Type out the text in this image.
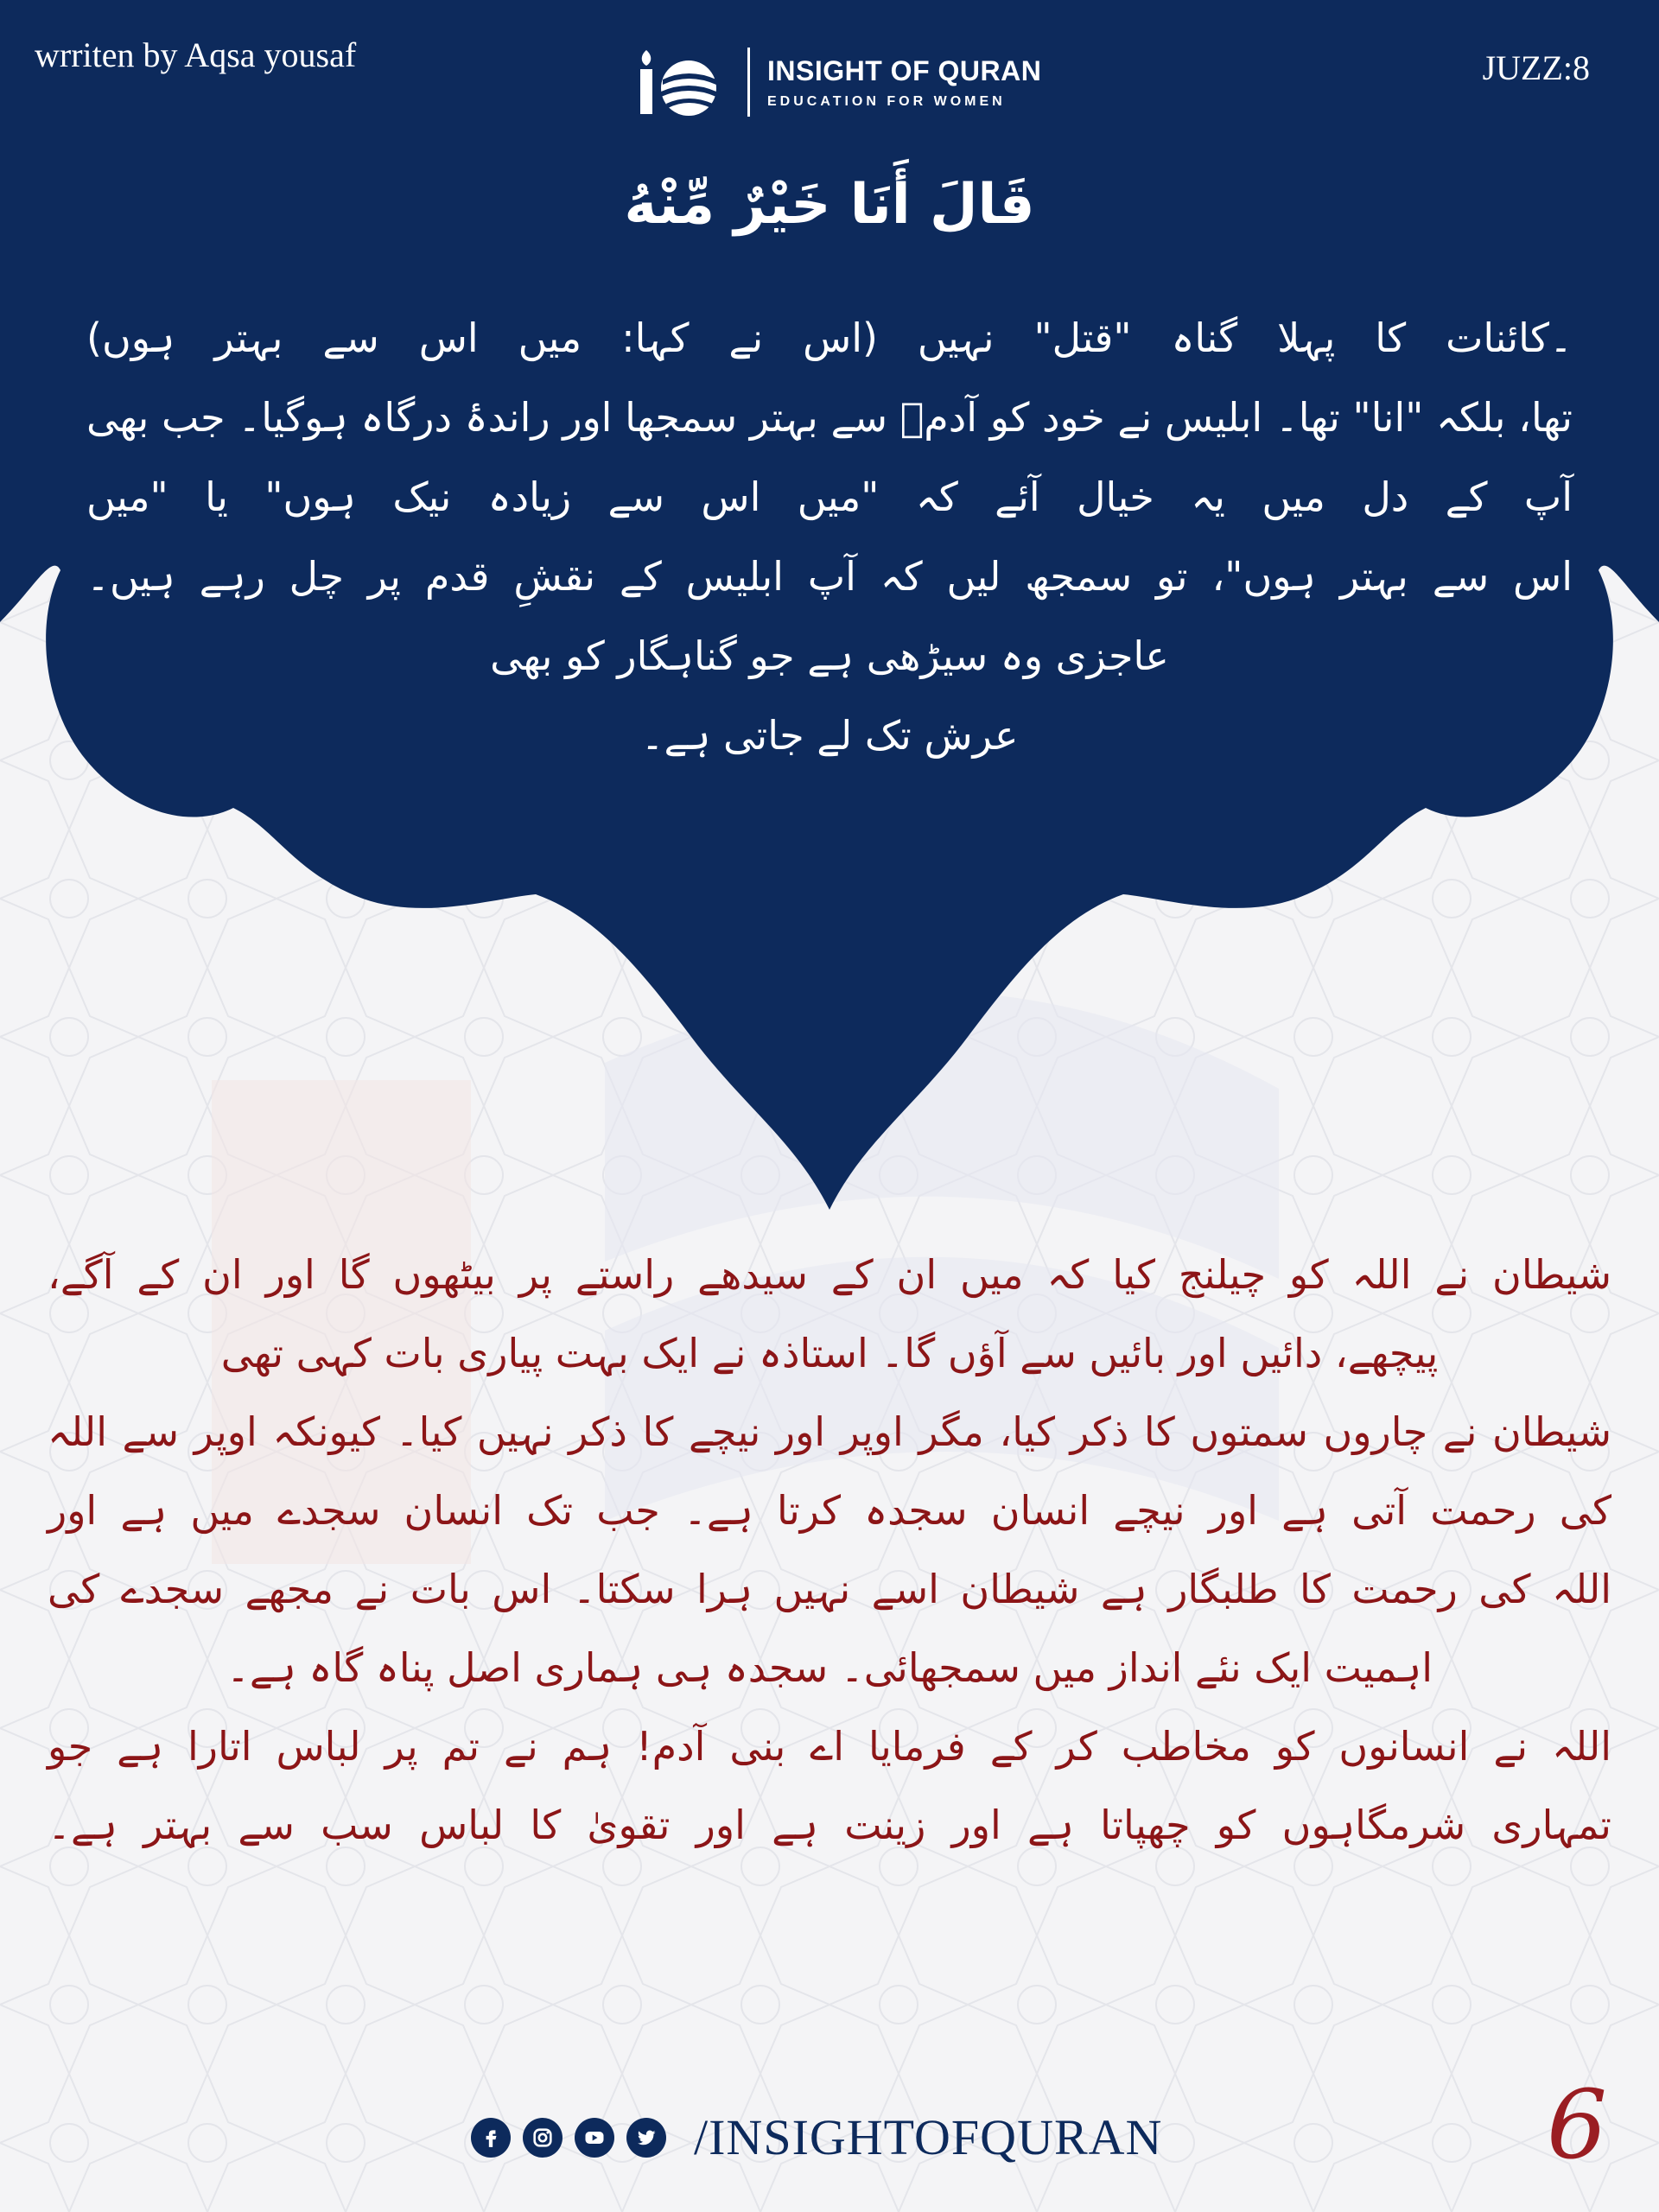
wrriten by Aqsa yousaf	JUZZ:8
INSIGHT OF QURAN
EDUCATION FOR WOMEN
قَالَ أَنَا خَيْرٌ مِّنْهُ
۔کائنات کا پہلا گناہ "قتل" نہیں (اس نے کہا: میں اس سے بہتر ہوں)
تھا، بلکہ "انا" تھا۔ ابلیس نے خود کو آدمؑ سے بہتر سمجھا اور راندۂ درگاہ ہوگیا۔ جب بھی
آپ کے دل میں یہ خیال آئے کہ "میں اس سے زیادہ نیک ہوں" یا "میں
اس سے بہتر ہوں"، تو سمجھ لیں کہ آپ ابلیس کے نقشِ قدم پر چل رہے ہیں۔
عاجزی وہ سیڑھی ہے جو گناہگار کو بھی
عرش تک لے جاتی ہے۔
شیطان نے اللہ کو چیلنج کیا کہ میں ان کے سیدھے راستے پر بیٹھوں گا اور ان کے آگے،
پیچھے، دائیں اور بائیں سے آؤں گا۔ استاذہ نے ایک بہت پیاری بات کہی تھی
شیطان نے چاروں سمتوں کا ذکر کیا، مگر اوپر اور نیچے کا ذکر نہیں کیا۔ کیونکہ اوپر سے اللہ
کی رحمت آتی ہے اور نیچے انسان سجدہ کرتا ہے۔ جب تک انسان سجدے میں ہے اور
اللہ کی رحمت کا طلبگار ہے شیطان اسے نہیں ہرا سکتا۔ اس بات نے مجھے سجدے کی
اہمیت ایک نئے انداز میں سمجھائی۔ سجدہ ہی ہماری اصل پناہ گاہ ہے۔
اللہ نے انسانوں کو مخاطب کر کے فرمایا اے بنی آدم! ہم نے تم پر لباس اتارا ہے جو
تمہاری شرمگاہوں کو چھپاتا ہے اور زینت ہے اور تقویٰ کا لباس سب سے بہتر ہے۔
/INSIGHTOFQURAN	6
